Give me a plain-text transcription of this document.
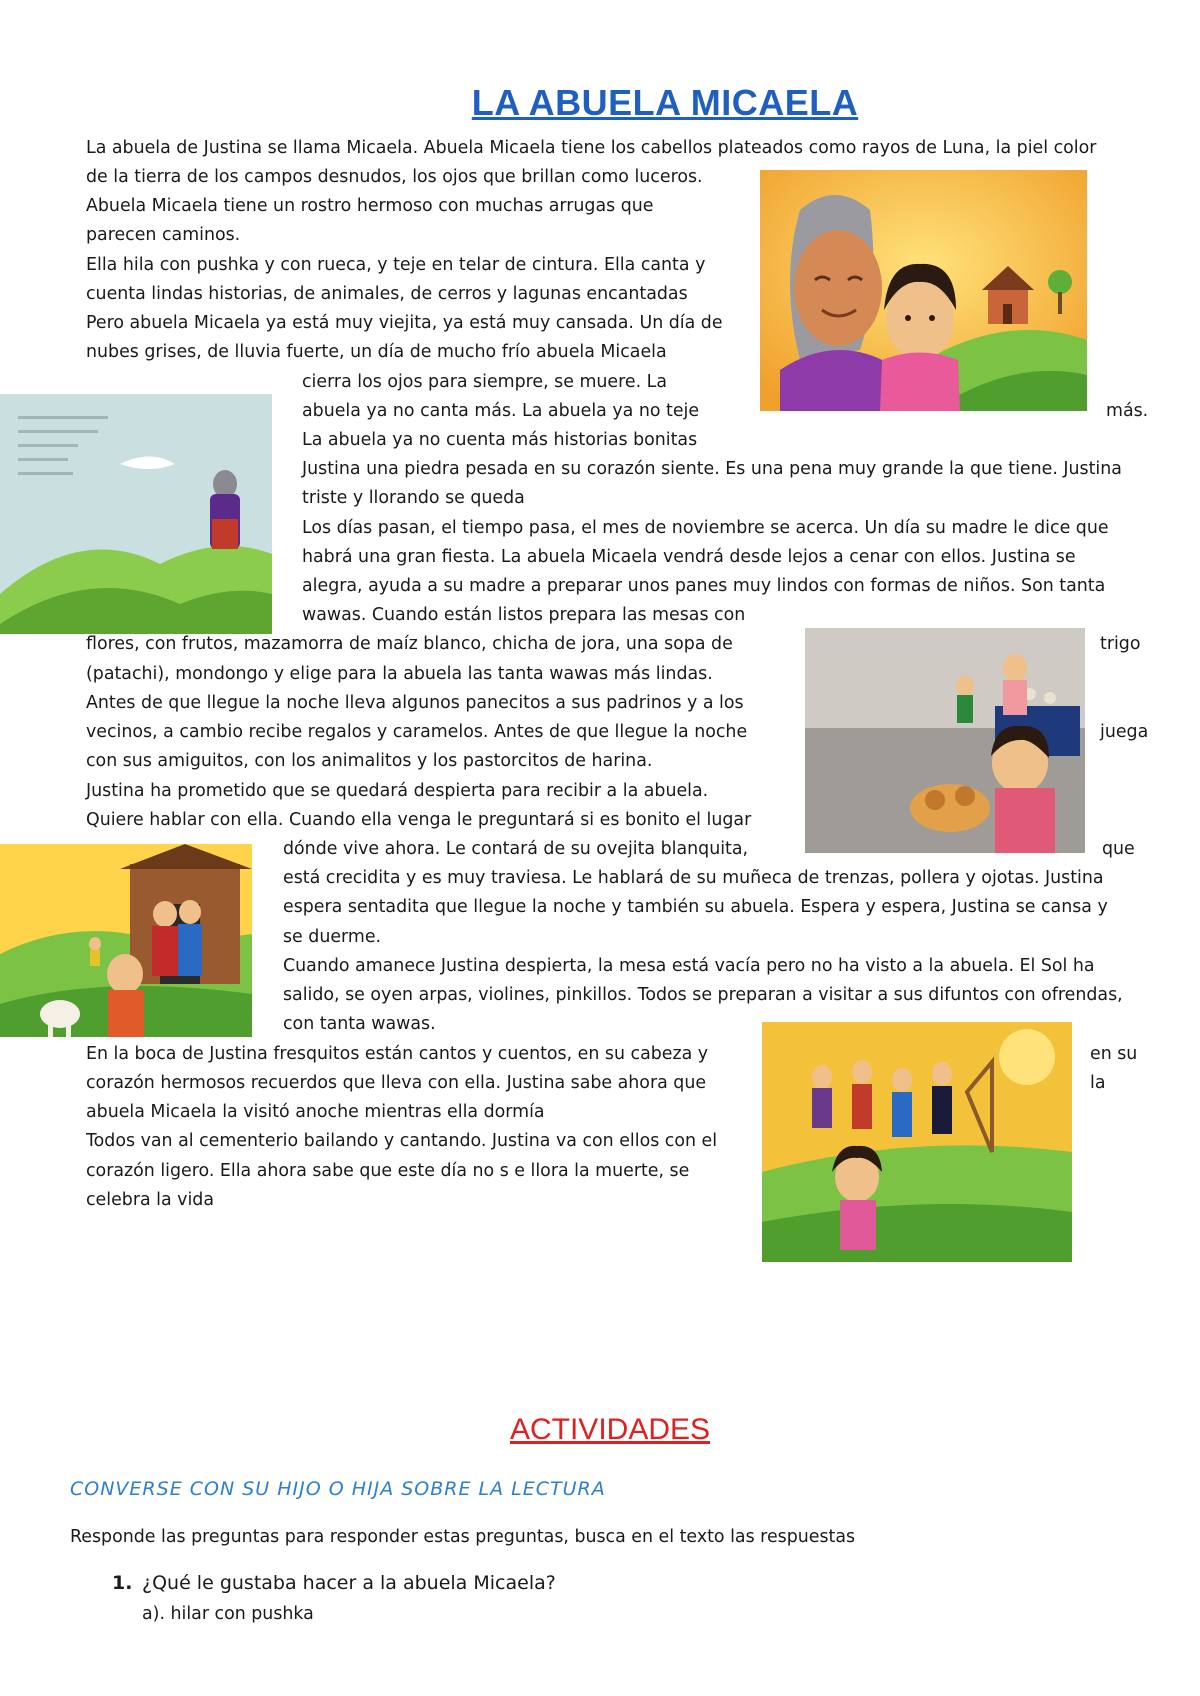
LA ABUELA MICAELA
La abuela de Justina se llama Micaela. Abuela Micaela tiene los cabellos plateados como rayos de Luna, la piel color
de la tierra de los campos desnudos, los ojos que brillan como luceros.
Abuela Micaela tiene un rostro hermoso con muchas arrugas que
parecen caminos.
Ella hila con pushka y con rueca, y teje en telar de cintura. Ella canta y
cuenta lindas historias, de animales, de cerros y lagunas encantadas
Pero abuela Micaela ya está muy viejita, ya está muy cansada. Un día de
nubes grises, de lluvia fuerte, un día de mucho frío abuela Micaela
cierra los ojos para siempre, se muere. La
abuela ya no canta más. La abuela ya no teje	más.
La abuela ya no cuenta más historias bonitas
Justina una piedra pesada en su corazón siente. Es una pena muy grande la que tiene. Justina
triste y llorando se queda
Los días pasan, el tiempo pasa, el mes de noviembre se acerca. Un día su madre le dice que
habrá una gran fiesta. La abuela Micaela vendrá desde lejos a cenar con ellos. Justina se
alegra, ayuda a su madre a preparar unos panes muy lindos con formas de niños. Son tanta
wawas. Cuando están listos prepara las mesas con
flores, con frutos, mazamorra de maíz blanco, chicha de jora, una sopa de	trigo
(patachi), mondongo y elige para la abuela las tanta wawas más lindas.
Antes de que llegue la noche lleva algunos panecitos a sus padrinos y a los
vecinos, a cambio recibe regalos y caramelos. Antes de que llegue la noche	juega
con sus amiguitos, con los animalitos y los pastorcitos de harina.
Justina ha prometido que se quedará despierta para recibir a la abuela.
Quiere hablar con ella. Cuando ella venga le preguntará si es bonito el lugar
dónde vive ahora. Le contará de su ovejita blanquita,	que
está crecidita y es muy traviesa. Le hablará de su muñeca de trenzas, pollera y ojotas. Justina
espera sentadita que llegue la noche y también su abuela. Espera y espera, Justina se cansa y
se duerme.
Cuando amanece Justina despierta, la mesa está vacía pero no ha visto a la abuela. El Sol ha
salido, se oyen arpas, violines, pinkillos. Todos se preparan a visitar a sus difuntos con ofrendas,
con tanta wawas.
En la boca de Justina fresquitos están cantos y cuentos, en su cabeza y	en su
corazón hermosos recuerdos que lleva con ella. Justina sabe ahora que	la
abuela Micaela la visitó anoche mientras ella dormía
Todos van al cementerio bailando y cantando. Justina va con ellos con el
corazón ligero. Ella ahora sabe que este día no s e llora la muerte, se
celebra la vida
ACTIVIDADES
CONVERSE CON SU HIJO O HIJA SOBRE LA LECTURA
Responde las preguntas para responder estas preguntas, busca en el texto las respuestas
1. ¿Qué le gustaba hacer a la abuela Micaela?
a). hilar con pushka
